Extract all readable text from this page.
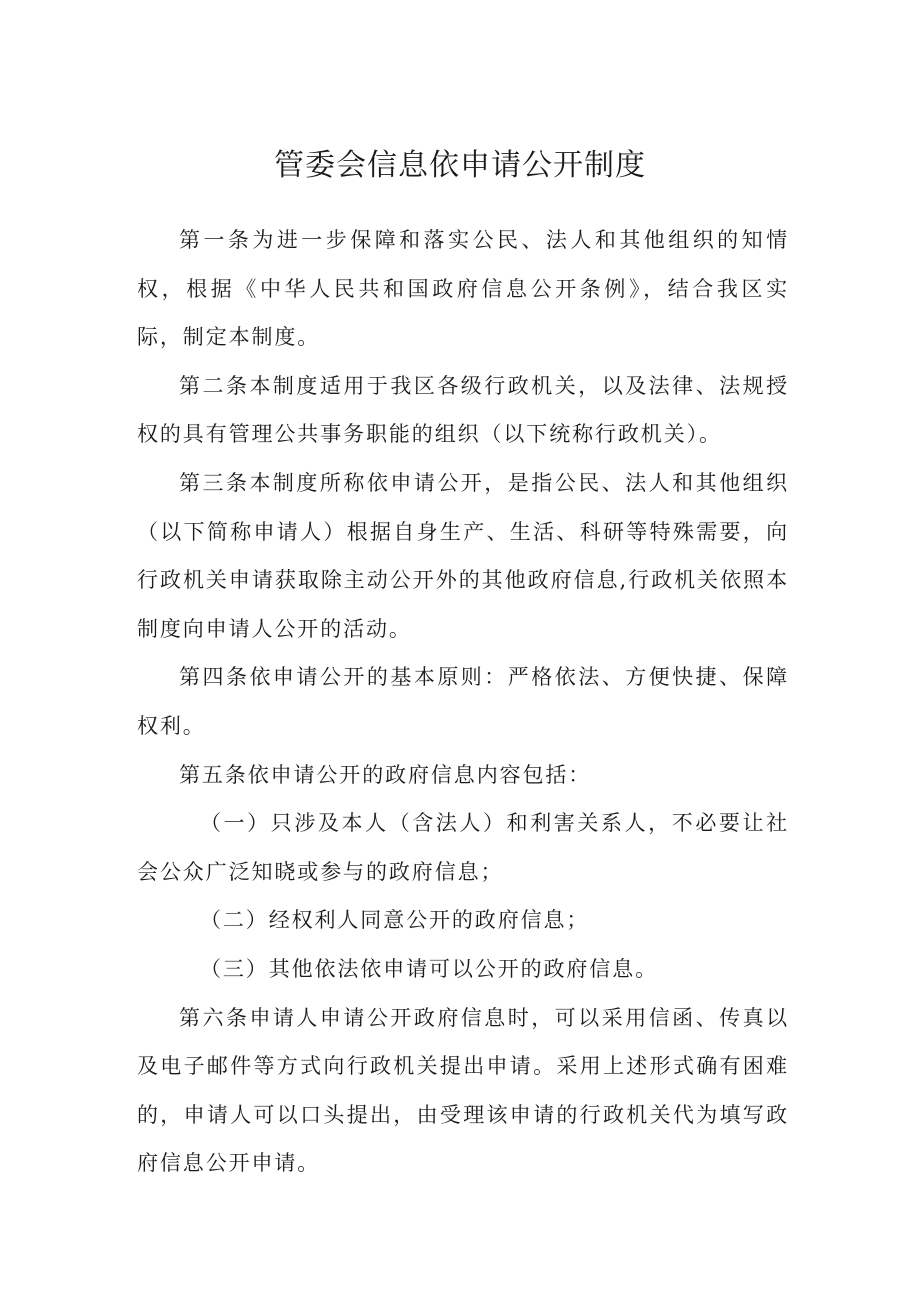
管委会信息依申请公开制度

第一条为进一步保障和落实公民、法人和其他组织的知情权，根据《中华人民共和国政府信息公开条例》，结合我区实际，制定本制度。

第二条本制度适用于我区各级行政机关，以及法律、法规授权的具有管理公共事务职能的组织（以下统称行政机关）。

第三条本制度所称依申请公开，是指公民、法人和其他组织（以下简称申请人）根据自身生产、生活、科研等特殊需要，向行政机关申请获取除主动公开外的其他政府信息,行政机关依照本制度向申请人公开的活动。

第四条依申请公开的基本原则：严格依法、方便快捷、保障权利。

第五条依申请公开的政府信息内容包括：

（一）只涉及本人（含法人）和利害关系人，不必要让社会公众广泛知晓或参与的政府信息；

（二）经权利人同意公开的政府信息；

（三）其他依法依申请可以公开的政府信息。

第六条申请人申请公开政府信息时，可以采用信函、传真以及电子邮件等方式向行政机关提出申请。采用上述形式确有困难的，申请人可以口头提出，由受理该申请的行政机关代为填写政府信息公开申请。
